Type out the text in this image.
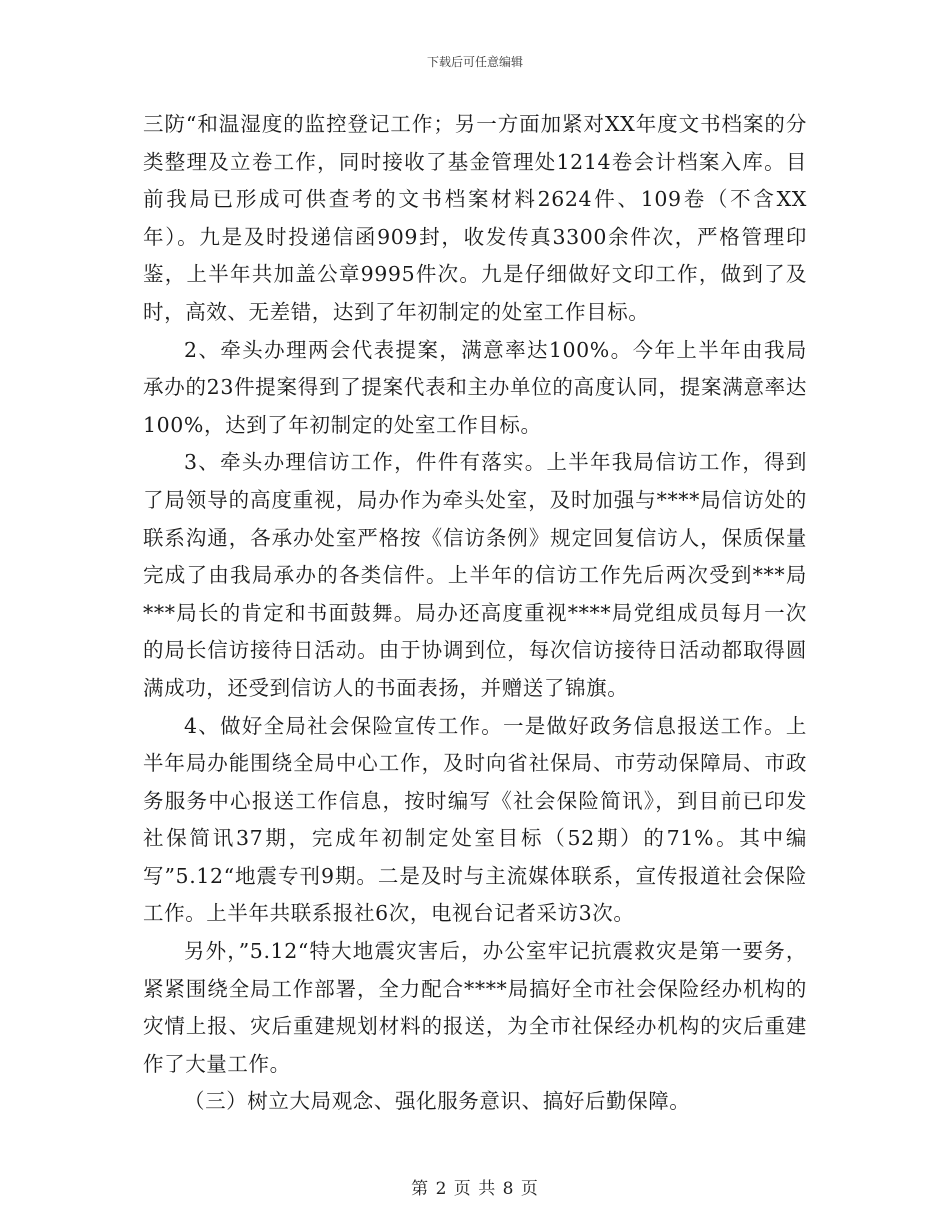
下载后可任意编辑

三防“和温湿度的监控登记工作；另一方面加紧对XX年度文书档案的分类整理及立卷工作，同时接收了基金管理处1214卷会计档案入库。目前我局已形成可供查考的文书档案材料2624件、109卷（不含XX年）。九是及时投递信函909封，收发传真3300余件次，严格管理印鉴，上半年共加盖公章9995件次。九是仔细做好文印工作，做到了及时，高效、无差错，达到了年初制定的处室工作目标。

2、牵头办理两会代表提案，满意率达100%。今年上半年由我局承办的23件提案得到了提案代表和主办单位的高度认同，提案满意率达100%，达到了年初制定的处室工作目标。

3、牵头办理信访工作，件件有落实。上半年我局信访工作，得到了局领导的高度重视，局办作为牵头处室，及时加强与****局信访处的联系沟通，各承办处室严格按《信访条例》规定回复信访人，保质保量完成了由我局承办的各类信件。上半年的信访工作先后两次受到***局***局长的肯定和书面鼓舞。局办还高度重视****局党组成员每月一次的局长信访接待日活动。由于协调到位，每次信访接待日活动都取得圆满成功，还受到信访人的书面表扬，并赠送了锦旗。

4、做好全局社会保险宣传工作。一是做好政务信息报送工作。上半年局办能围绕全局中心工作，及时向省社保局、市劳动保障局、市政务服务中心报送工作信息，按时编写《社会保险简讯》，到目前已印发社保简讯37期，完成年初制定处室目标（52期）的71%。其中编写”5.12“地震专刊9期。二是及时与主流媒体联系，宣传报道社会保险工作。上半年共联系报社6次，电视台记者采访3次。

另外，”5.12“特大地震灾害后，办公室牢记抗震救灾是第一要务，紧紧围绕全局工作部署，全力配合****局搞好全市社会保险经办机构的灾情上报、灾后重建规划材料的报送，为全市社保经办机构的灾后重建作了大量工作。

（三）树立大局观念、强化服务意识、搞好后勤保障。

第 2 页 共 8 页
